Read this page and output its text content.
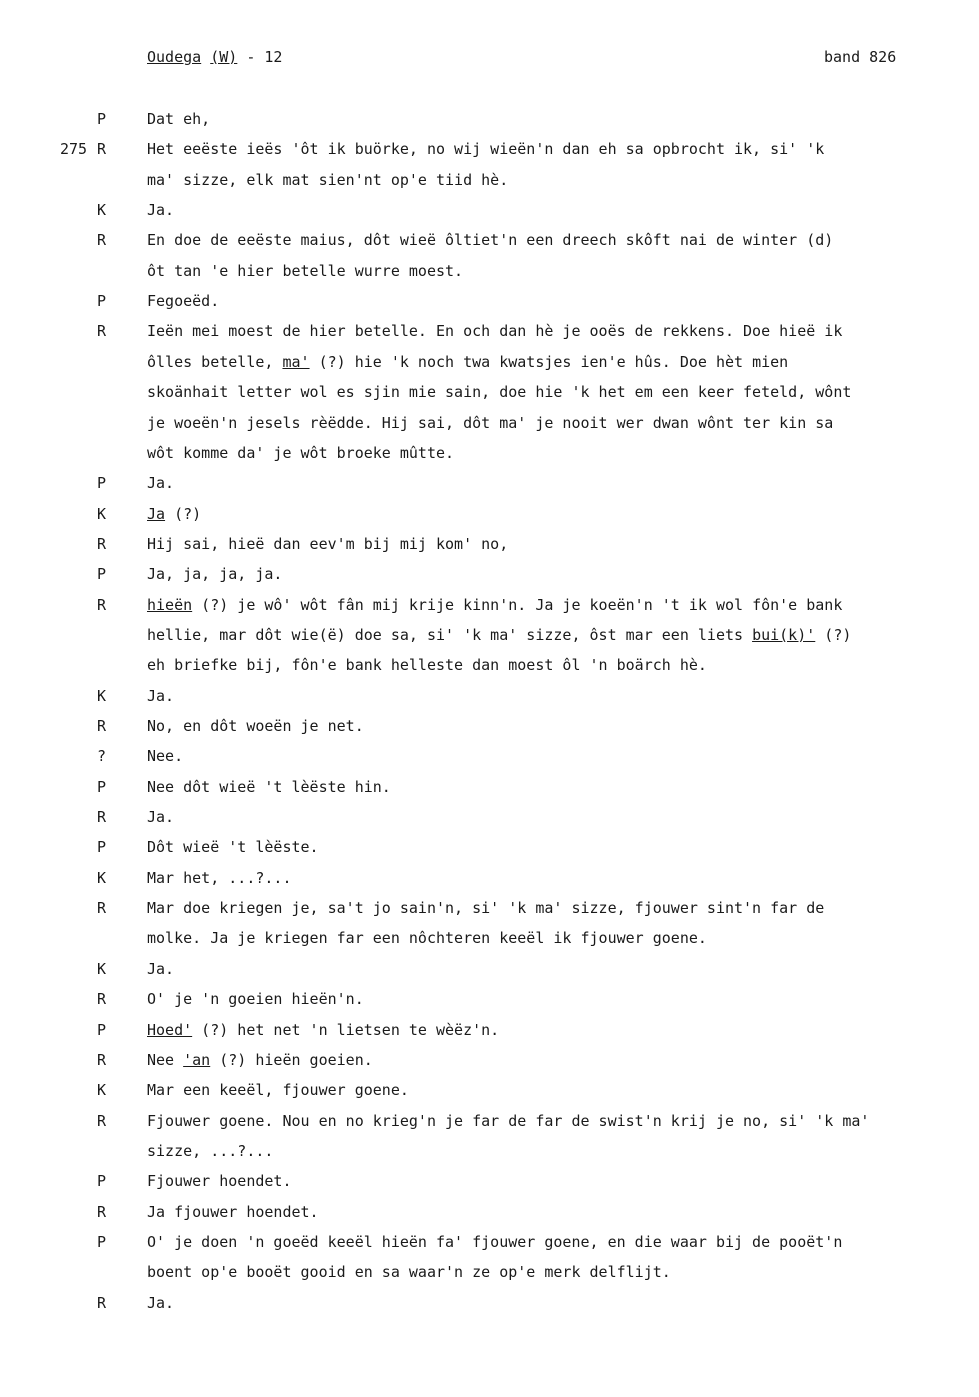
Oudega (W) - 12	band 826
P	Dat eh,
275 R	Het eeëste ieës 'ôt ik buörke, no wij wieën'n dan eh sa opbrocht ik, si' 'k
ma' sizze, elk mat sien'nt op'e tiid hè.
K	Ja.
R	En doe de eeëste maius, dôt wieë ôltiet'n een dreech skôft nai de winter (d)
ôt tan 'e hier betelle wurre moest.
P	Fegoeëd.
R	Ieën mei moest de hier betelle. En och dan hè je ooës de rekkens. Doe hieë ik
ôlles betelle, ma' (?) hie 'k noch twa kwatsjes ien'e hûs. Doe hèt mien
skoänhait letter wol es sjin mie sain, doe hie 'k het em een keer feteld, wônt
je woeën'n jesels rèëdde. Hij sai, dôt ma' je nooit wer dwan wônt ter kin sa
wôt komme da' je wôt broeke mûtte.
P	Ja.
K	Ja (?)
R	Hij sai, hieë dan eev'm bij mij kom' no,
P	Ja, ja, ja, ja.
R	hieën (?) je wô' wôt fân mij krije kinn'n. Ja je koeën'n 't ik wol fôn'e bank
hellie, mar dôt wie(ë) doe sa, si' 'k ma' sizze, ôst mar een liets bui(k)' (?)
eh briefke bij, fôn'e bank helleste dan moest ôl 'n boärch hè.
K	Ja.
R	No, en dôt woeën je net.
?	Nee.
P	Nee dôt wieë 't lèëste hin.
R	Ja.
P	Dôt wieë 't lèëste.
K	Mar het, ...?...
R	Mar doe kriegen je, sa't jo sain'n, si' 'k ma' sizze, fjouwer sint'n far de
molke. Ja je kriegen far een nôchteren keeël ik fjouwer goene.
K	Ja.
R	O' je 'n goeien hieën'n.
P	Hoed' (?) het net 'n lietsen te wèëz'n.
R	Nee 'an (?) hieën goeien.
K	Mar een keeël, fjouwer goene.
R	Fjouwer goene. Nou en no krieg'n je far de far de swist'n krij je no, si' 'k ma'
sizze, ...?...
P	Fjouwer hoendet.
R	Ja fjouwer hoendet.
P	O' je doen 'n goeëd keeël hieën fa' fjouwer goene, en die waar bij de pooët'n
boent op'e booët gooid en sa waar'n ze op'e merk delflijt.
R	Ja.
